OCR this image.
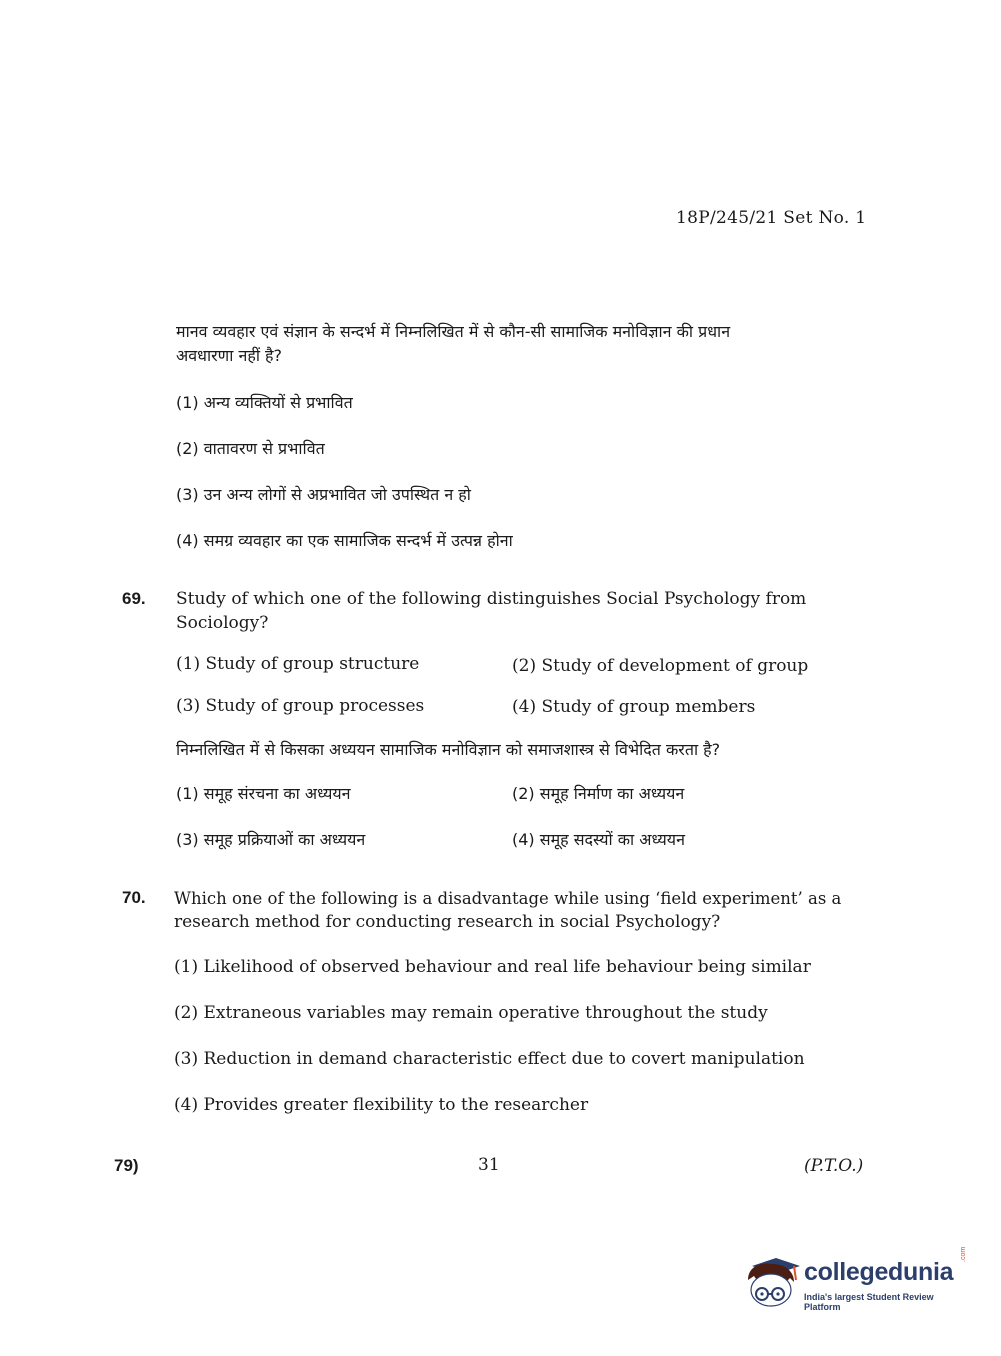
18P/245/21 Set No. 1
मानव व्यवहार एवं संज्ञान के सन्दर्भ में निम्नलिखित में से कौन-सी सामाजिक मनोविज्ञान की प्रधान
अवधारणा नहीं है?
(1) अन्य व्यक्तियों से प्रभावित
(2) वातावरण से प्रभावित
(3) उन अन्य लोगों से अप्रभावित जो उपस्थित न हो
(4) समग्र व्यवहार का एक सामाजिक सन्दर्भ में उत्पन्न होना
69. Study of which one of the following distinguishes Social Psychology from
Sociology?
(1) Study of group structure	(2) Study of development of group
(3) Study of group processes	(4) Study of group members
निम्नलिखित में से किसका अध्ययन सामाजिक मनोविज्ञान को समाजशास्त्र से विभेदित करता है?
(1) समूह संरचना का अध्ययन	(2) समूह निर्माण का अध्ययन
(3) समूह प्रक्रियाओं का अध्ययन	(4) समूह सदस्यों का अध्ययन
70. Which one of the following is a disadvantage while using ‘field experiment’ as a
research method for conducting research in social Psychology?
(1) Likelihood of observed behaviour and real life behaviour being similar
(2) Extraneous variables may remain operative throughout the study
(3) Reduction in demand characteristic effect due to covert manipulation
(4) Provides greater flexibility to the researcher
79)	31	(P.T.O.)
collegedunia
.com
India's largest Student Review Platform
